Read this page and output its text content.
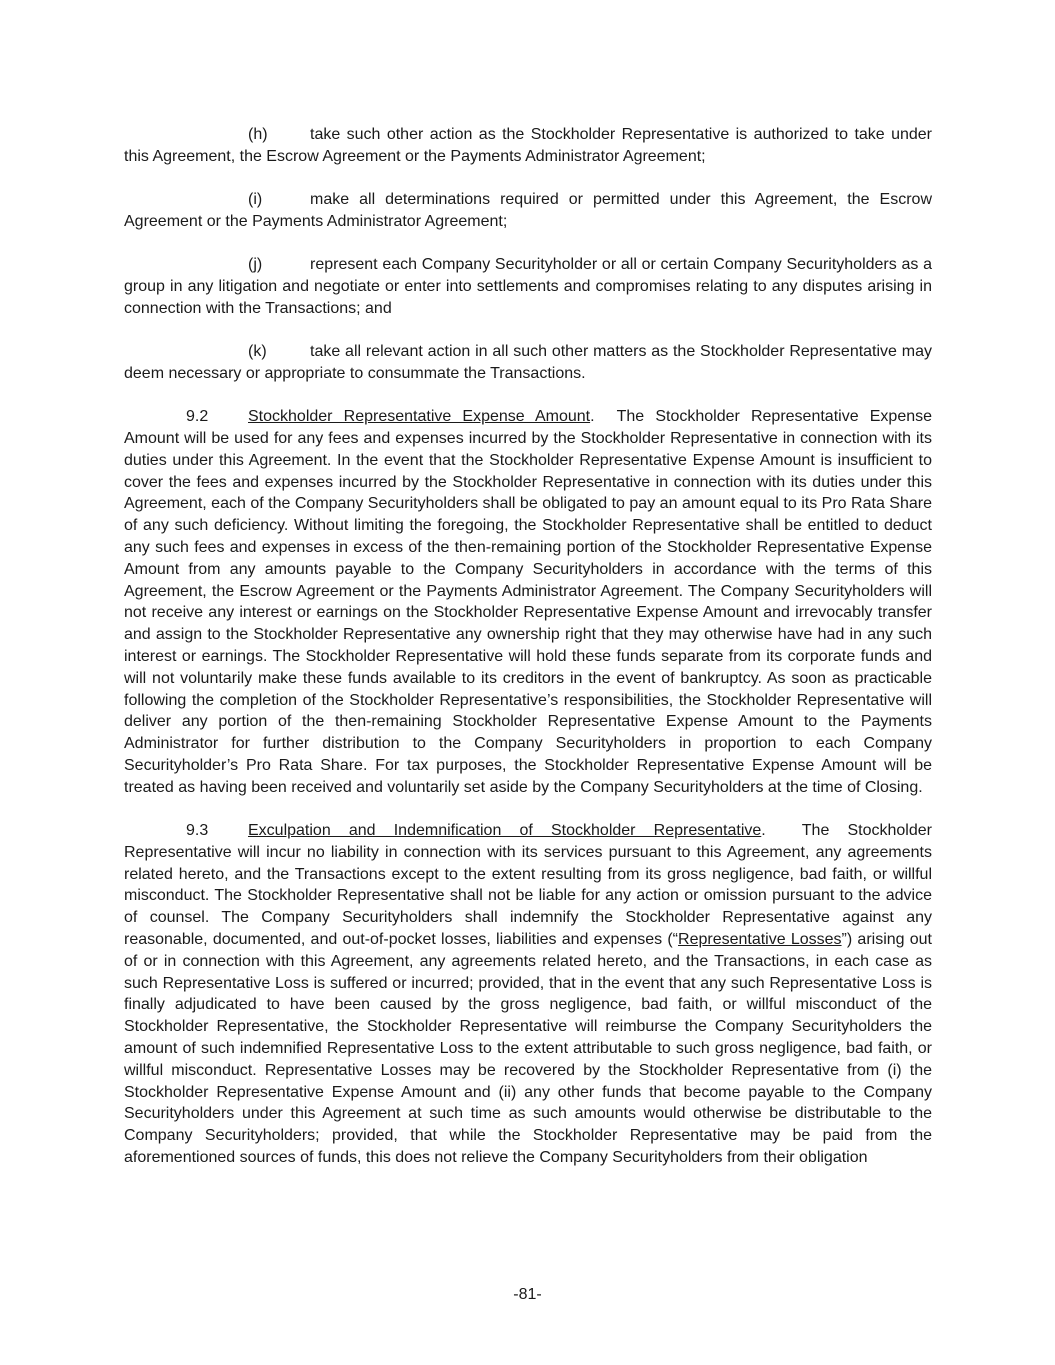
(h)	take such other action as the Stockholder Representative is authorized to take under this Agreement, the Escrow Agreement or the Payments Administrator Agreement;

(i)	make all determinations required or permitted under this Agreement, the Escrow Agreement or the Payments Administrator Agreement;

(j)	represent each Company Securityholder or all or certain Company Securityholders as a group in any litigation and negotiate or enter into settlements and compromises relating to any disputes arising in connection with the Transactions; and

(k)	take all relevant action in all such other matters as the Stockholder Representative may deem necessary or appropriate to consummate the Transactions.

9.2 Stockholder Representative Expense Amount. The Stockholder Representative Expense Amount will be used for any fees and expenses incurred by the Stockholder Representative in connection with its duties under this Agreement. In the event that the Stockholder Representative Expense Amount is insufficient to cover the fees and expenses incurred by the Stockholder Representative in connection with its duties under this Agreement, each of the Company Securityholders shall be obligated to pay an amount equal to its Pro Rata Share of any such deficiency. Without limiting the foregoing, the Stockholder Representative shall be entitled to deduct any such fees and expenses in excess of the then-remaining portion of the Stockholder Representative Expense Amount from any amounts payable to the Company Securityholders in accordance with the terms of this Agreement, the Escrow Agreement or the Payments Administrator Agreement. The Company Securityholders will not receive any interest or earnings on the Stockholder Representative Expense Amount and irrevocably transfer and assign to the Stockholder Representative any ownership right that they may otherwise have had in any such interest or earnings. The Stockholder Representative will hold these funds separate from its corporate funds and will not voluntarily make these funds available to its creditors in the event of bankruptcy. As soon as practicable following the completion of the Stockholder Representative’s responsibilities, the Stockholder Representative will deliver any portion of the then-remaining Stockholder Representative Expense Amount to the Payments Administrator for further distribution to the Company Securityholders in proportion to each Company Securityholder’s Pro Rata Share. For tax purposes, the Stockholder Representative Expense Amount will be treated as having been received and voluntarily set aside by the Company Securityholders at the time of Closing.

9.3 Exculpation and Indemnification of Stockholder Representative. The Stockholder Representative will incur no liability in connection with its services pursuant to this Agreement, any agreements related hereto, and the Transactions except to the extent resulting from its gross negligence, bad faith, or willful misconduct. The Stockholder Representative shall not be liable for any action or omission pursuant to the advice of counsel. The Company Securityholders shall indemnify the Stockholder Representative against any reasonable, documented, and out-of-pocket losses, liabilities and expenses (“Representative Losses”) arising out of or in connection with this Agreement, any agreements related hereto, and the Transactions, in each case as such Representative Loss is suffered or incurred; provided, that in the event that any such Representative Loss is finally adjudicated to have been caused by the gross negligence, bad faith, or willful misconduct of the Stockholder Representative, the Stockholder Representative will reimburse the Company Securityholders the amount of such indemnified Representative Loss to the extent attributable to such gross negligence, bad faith, or willful misconduct. Representative Losses may be recovered by the Stockholder Representative from (i) the Stockholder Representative Expense Amount and (ii) any other funds that become payable to the Company Securityholders under this Agreement at such time as such amounts would otherwise be distributable to the Company Securityholders; provided, that while the Stockholder Representative may be paid from the aforementioned sources of funds, this does not relieve the Company Securityholders from their obligation

-81-
